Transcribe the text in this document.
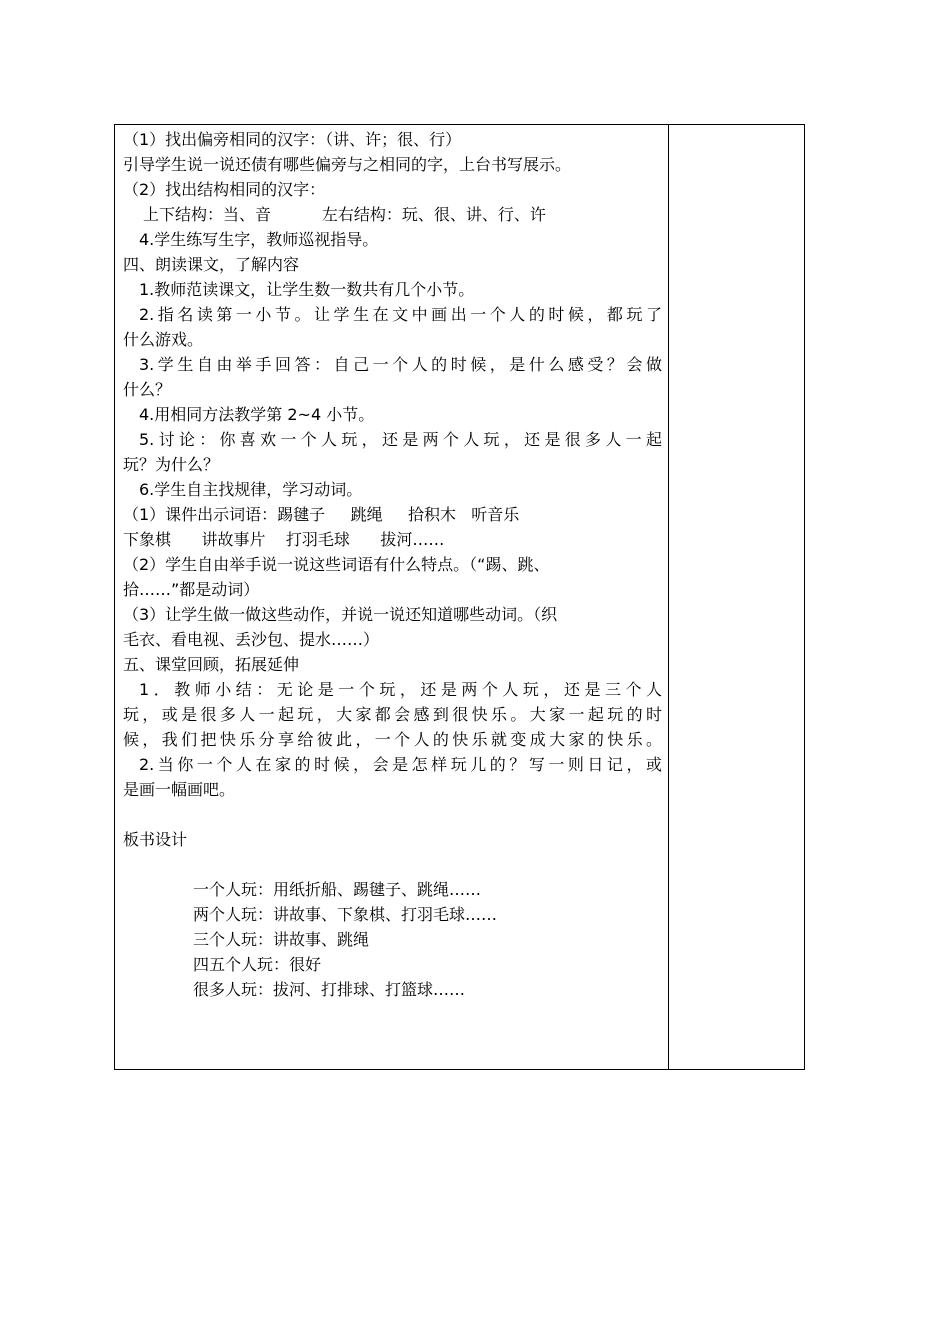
（1）找出偏旁相同的汉字：（讲、许；很、行）
引导学生说一说还债有哪些偏旁与之相同的字，上台书写展示。
（2）找出结构相同的汉字：
上下结构：当、音          左右结构：玩、很、讲、行、许
4.学生练写生字，教师巡视指导。
四、朗读课文，了解内容
1.教师范读课文，让学生数一数共有几个小节。
2.指名读第一小节。让学生在文中画出一个人的时候，都玩了
什么游戏。
3.学生自由举手回答：自己一个人的时候，是什么感受？会做
什么？
4.用相同方法教学第 2~4 小节。
5.讨论：你喜欢一个人玩，还是两个人玩，还是很多人一起
玩？为什么？
6.学生自主找规律，学习动词。
（1）课件出示词语：踢毽子     跳绳     拾积木   听音乐
下象棋      讲故事片    打羽毛球      拔河……
（2）学生自由举手说一说这些词语有什么特点。（“踢、跳、
拾……”都是动词）
（3）让学生做一做这些动作，并说一说还知道哪些动词。（织
毛衣、看电视、丢沙包、提水……）
五、课堂回顾，拓展延伸
1．教师小结：无论是一个玩，还是两个人玩，还是三个人
玩，或是很多人一起玩，大家都会感到很快乐。大家一起玩的时
候，我们把快乐分享给彼此，一个人的快乐就变成大家的快乐。
2.当你一个人在家的时候，会是怎样玩儿的？写一则日记，或
是画一幅画吧。
板书设计
一个人玩：用纸折船、踢毽子、跳绳……
两个人玩：讲故事、下象棋、打羽毛球……
三个人玩：讲故事、跳绳
四五个人玩：很好
很多人玩：拔河、打排球、打篮球……
